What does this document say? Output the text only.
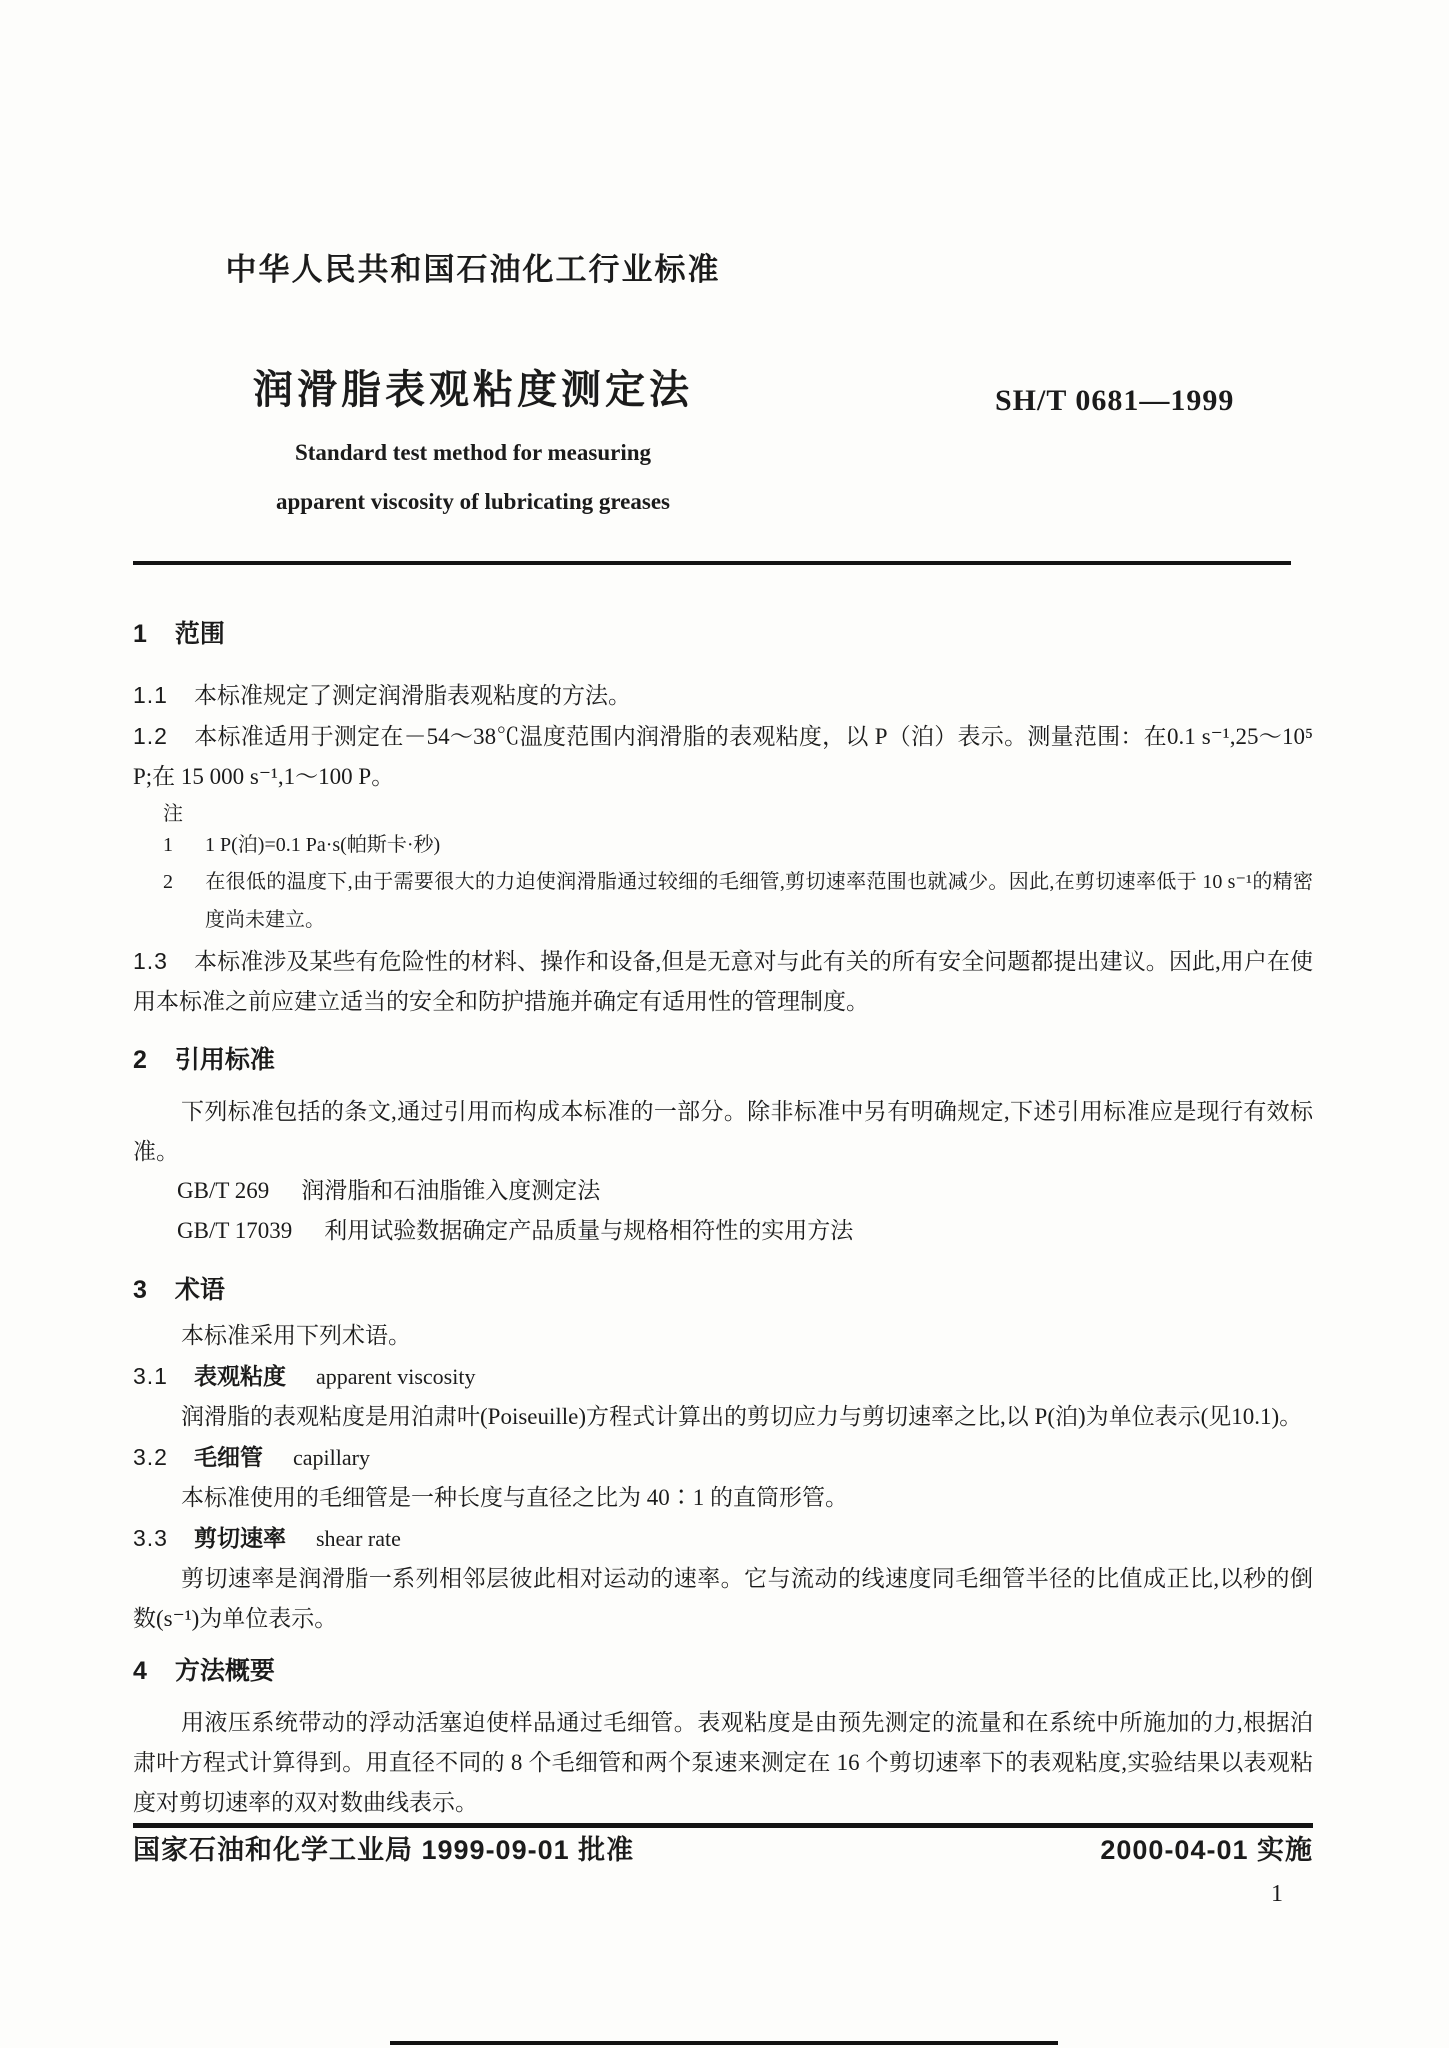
中华人民共和国石油化工行业标准
润滑脂表观粘度测定法
Standard test method for measuring
apparent viscosity of lubricating greases
SH/T 0681—1999
1 范围

1.1 本标准规定了测定润滑脂表观粘度的方法。

1.2 本标准适用于测定在－54～38℃温度范围内润滑脂的表观粘度，以 P（泊）表示。测量范围：在0.1 s⁻¹,25～10⁵ P;在 15 000 s⁻¹,1～100 P。

注

1 1 P(泊)=0.1 Pa·s(帕斯卡·秒)

2 在很低的温度下,由于需要很大的力迫使润滑脂通过较细的毛细管,剪切速率范围也就减少。因此,在剪切速率低于 10 s⁻¹的精密度尚未建立。

1.3 本标准涉及某些有危险性的材料、操作和设备,但是无意对与此有关的所有安全问题都提出建议。因此,用户在使用本标准之前应建立适当的安全和防护措施并确定有适用性的管理制度。

2 引用标准

下列标准包括的条文,通过引用而构成本标准的一部分。除非标准中另有明确规定,下述引用标准应是现行有效标准。

GB/T 269 润滑脂和石油脂锥入度测定法

GB/T 17039 利用试验数据确定产品质量与规格相符性的实用方法

3 术语

本标准采用下列术语。

3.1 表观粘度 apparent viscosity

润滑脂的表观粘度是用泊肃叶(Poiseuille)方程式计算出的剪切应力与剪切速率之比,以 P(泊)为单位表示(见10.1)。

3.2 毛细管 capillary

本标准使用的毛细管是一种长度与直径之比为 40∶1 的直筒形管。

3.3 剪切速率 shear rate

剪切速率是润滑脂一系列相邻层彼此相对运动的速率。它与流动的线速度同毛细管半径的比值成正比,以秒的倒数(s⁻¹)为单位表示。

4 方法概要

用液压系统带动的浮动活塞迫使样品通过毛细管。表观粘度是由预先测定的流量和在系统中所施加的力,根据泊肃叶方程式计算得到。用直径不同的 8 个毛细管和两个泵速来测定在 16 个剪切速率下的表观粘度,实验结果以表观粘度对剪切速率的双对数曲线表示。

国家石油和化学工业局 1999-09-01 批准	2000-04-01 实施
1
